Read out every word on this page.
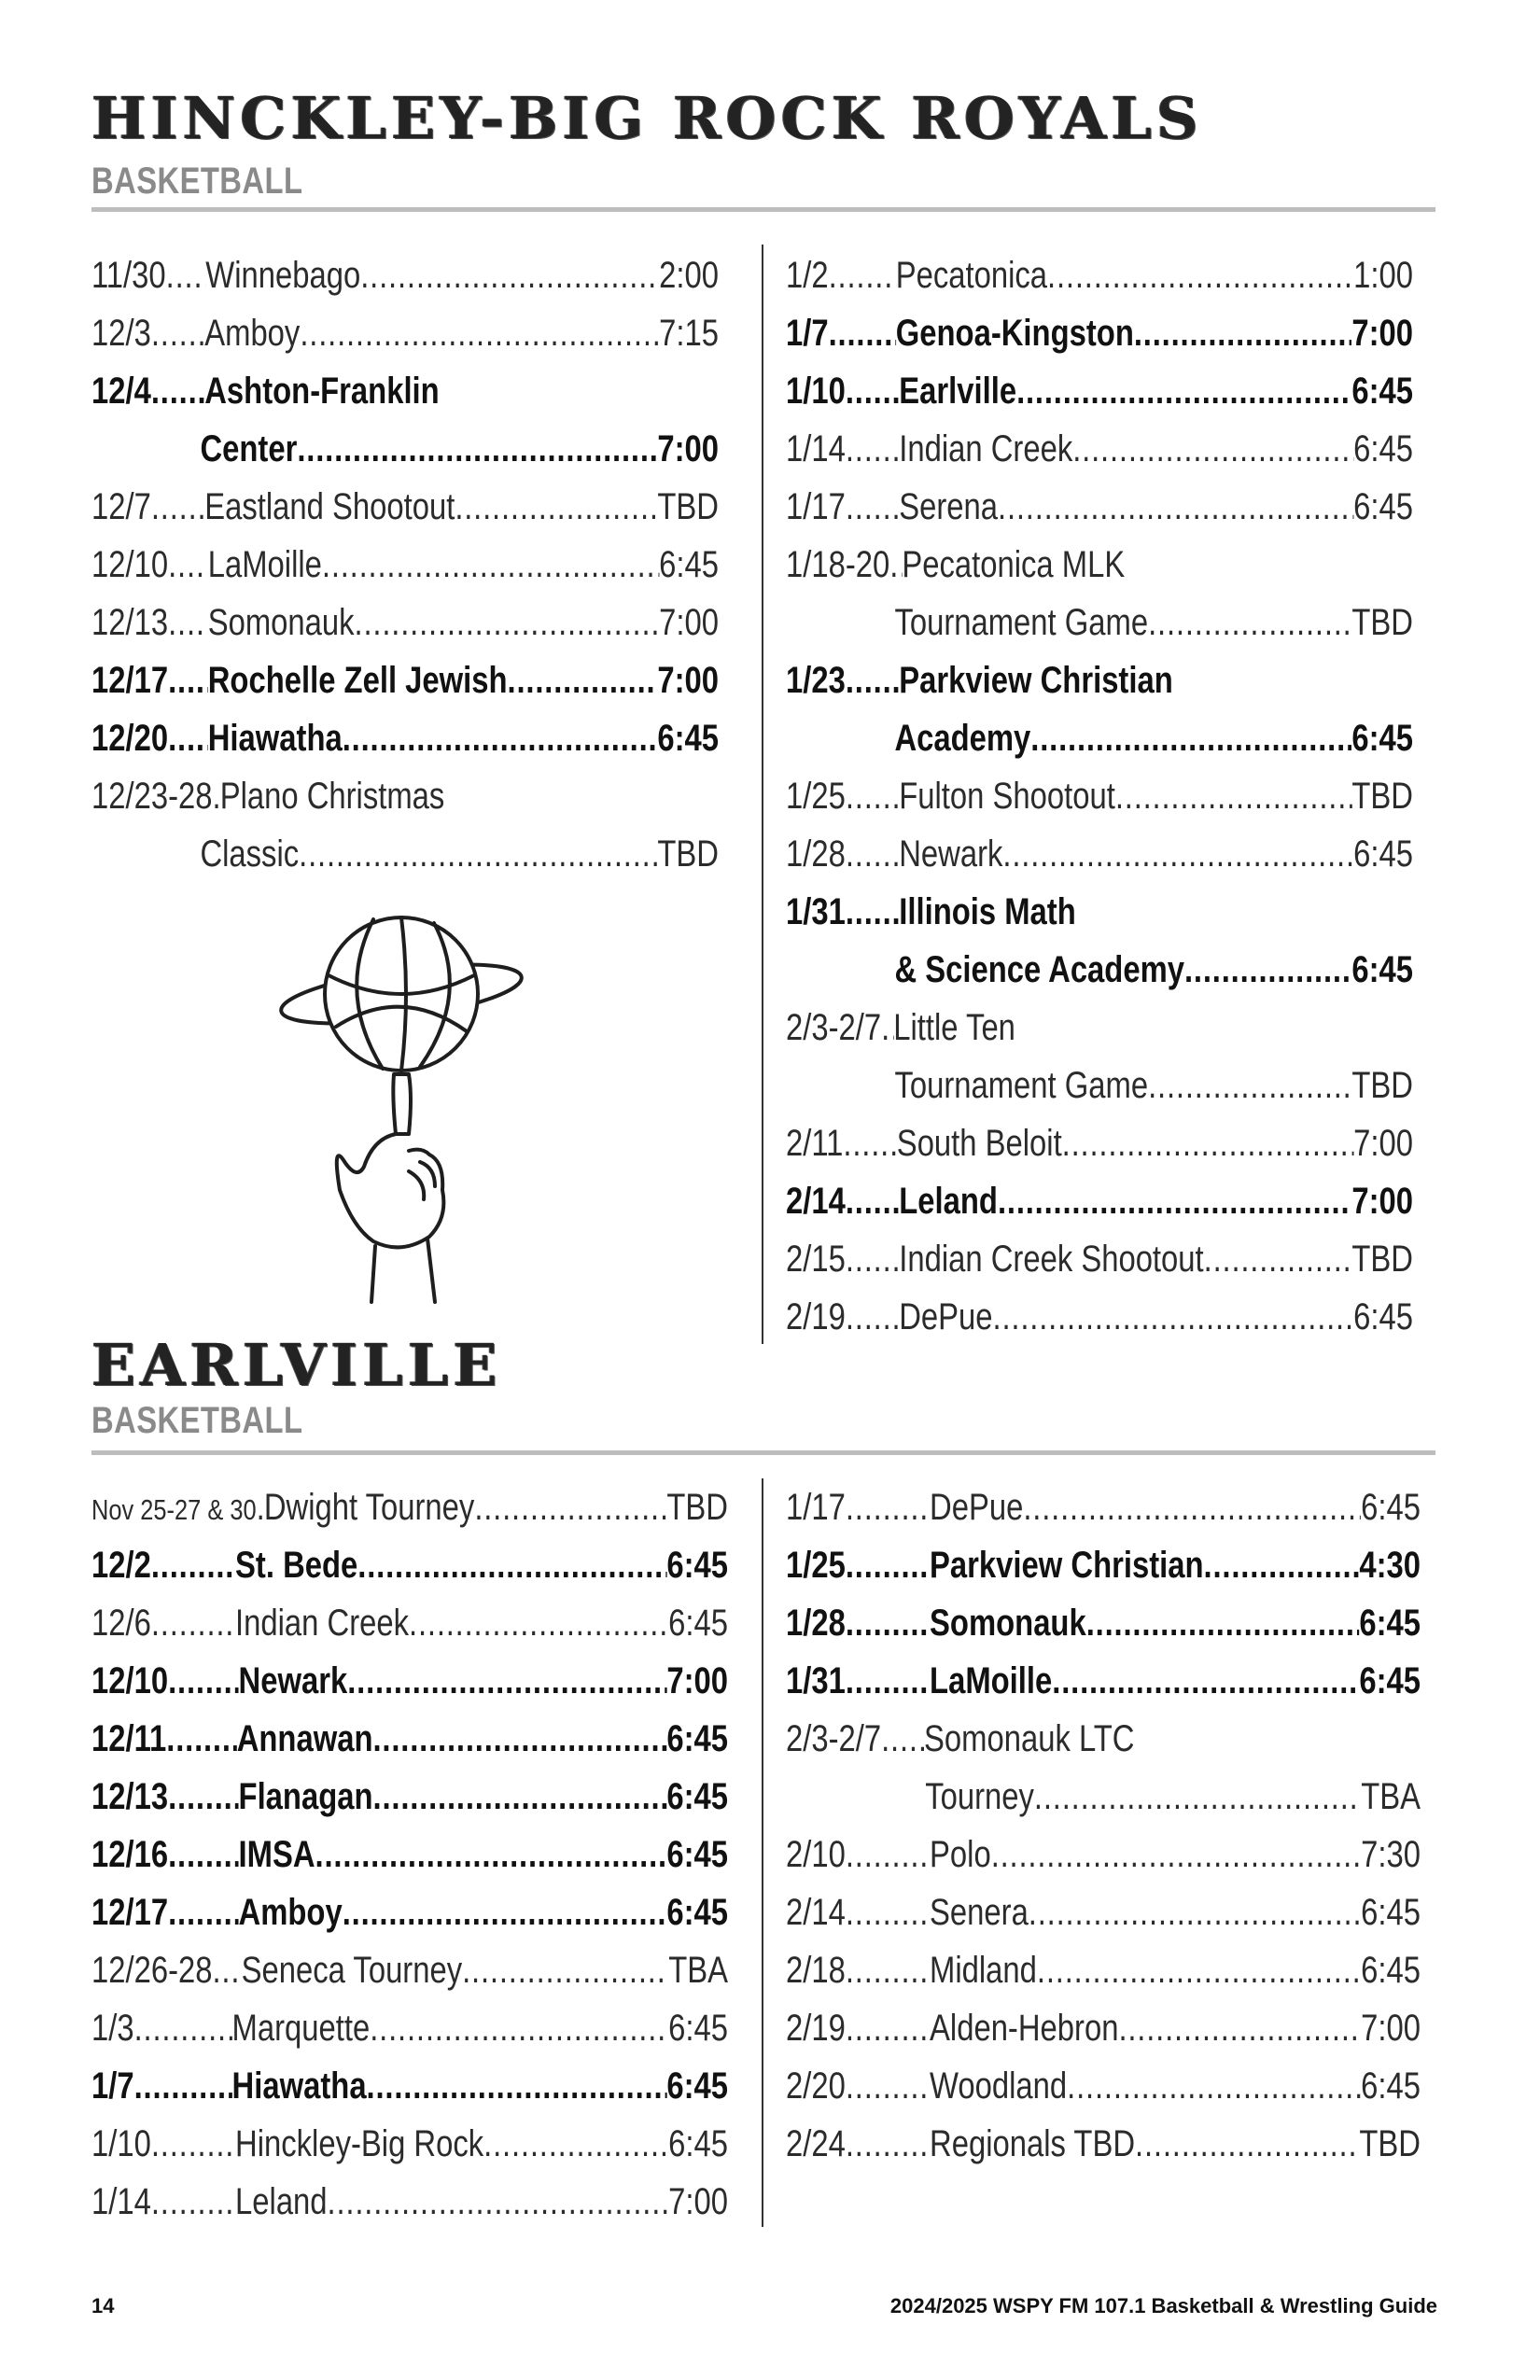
HINCKLEY-BIG ROCK ROYALS
BASKETBALL
11/30 ..... Winnebago .....	2:00
12/3 ..... Amboy .....	7:15
12/4 ..... Ashton-Franklin
Center .....	7:00
12/7 ..... Eastland Shootout .....	TBD
12/10 ..... LaMoille .....	6:45
12/13 ..... Somonauk .....	7:00
12/17 ..... Rochelle Zell Jewish .....	7:00
12/20 ..... Hiawatha .....	6:45
12/23-28 ..... Plano Christmas
Classic .....	TBD
1/2 ..... Pecatonica .....	1:00
1/7 ..... Genoa-Kingston .....	7:00
1/10 ..... Earlville .....	6:45
1/14 ..... Indian Creek .....	6:45
1/17 ..... Serena .....	6:45
1/18-20 ..... Pecatonica MLK
Tournament Game .....	TBD
1/23 ..... Parkview Christian
Academy .....	6:45
1/25 ..... Fulton Shootout .....	TBD
1/28 ..... Newark .....	6:45
1/31 ..... Illinois Math
& Science Academy .....	6:45
2/3-2/7 ..... Little Ten
Tournament Game .....	TBD
2/11 ..... South Beloit .....	7:00
2/14 ..... Leland .....	7:00
2/15 ..... Indian Creek Shootout .....	TBD
2/19 ..... DePue .....	6:45
EARLVILLE
BASKETBALL
Nov 25-27 & 30 ..... Dwight Tourney .....	TBD
12/2 ..... St. Bede .....	6:45
12/6 ..... Indian Creek .....	6:45
12/10 ..... Newark .....	7:00
12/11 ..... Annawan .....	6:45
12/13 ..... Flanagan .....	6:45
12/16 ..... IMSA .....	6:45
12/17 ..... Amboy .....	6:45
12/26-28 ..... Seneca Tourney .....	TBA
1/3 .....	Marquette .....	6:45
1/7 .....	Hiawatha .....	6:45
1/10 ..... Hinckley-Big Rock .....	6:45
1/14 ..... Leland .....	7:00
1/17 ..... DePue .....	6:45
1/25 ..... Parkview Christian .....	4:30
1/28 ..... Somonauk .....	6:45
1/31 ..... LaMoille .....	6:45
2/3-2/7 ..... Somonauk LTC
Tourney .....	TBA
2/10 ..... Polo .....	7:30
2/14 ..... Senera .....	6:45
2/18 ..... Midland .....	6:45
2/19 ..... Alden-Hebron .....	7:00
2/20 ..... Woodland .....	6:45
2/24 ..... Regionals TBD .....	TBD
14	2024/2025 WSPY FM 107.1 Basketball & Wrestling Guide
